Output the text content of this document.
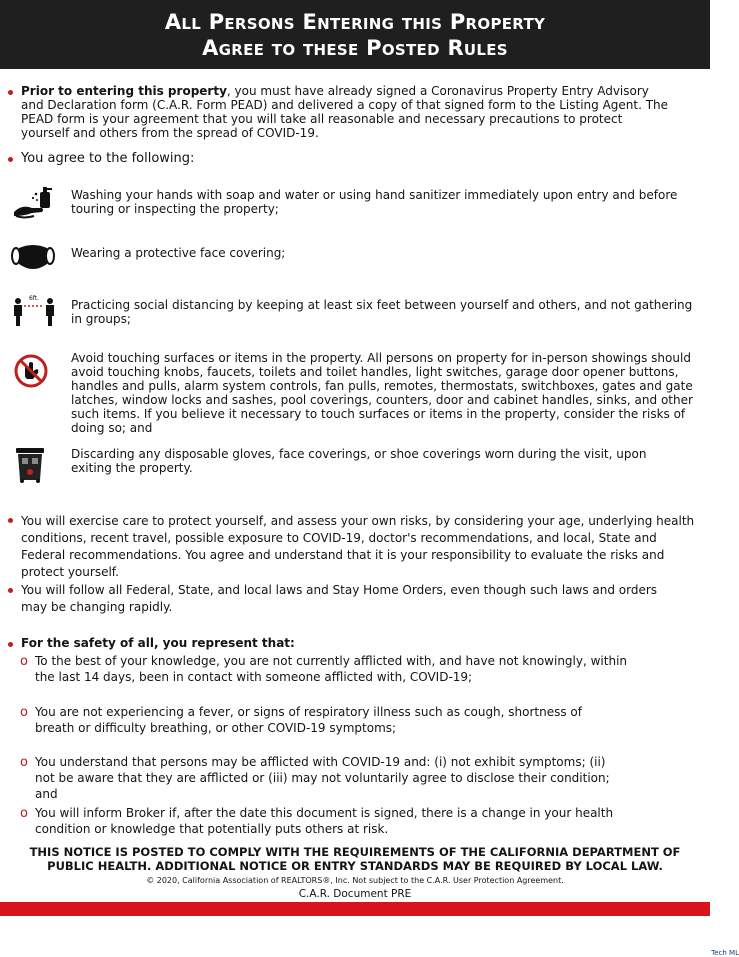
All Persons Entering this Property
Agree to these Posted Rules
Prior to entering this property, you must have already signed a Coronavirus Property Entry Advisory and Declaration form (C.A.R. Form PEAD) and delivered a copy of that signed form to the Listing Agent. The PEAD form is your agreement that you will take all reasonable and necessary precautions to protect yourself and others from the spread of COVID-19.
You agree to the following:
Washing your hands with soap and water or using hand sanitizer immediately upon entry and before touring or inspecting the property;
Wearing a protective face covering;
6ft.	Practicing social distancing by keeping at least six feet between yourself and others, and not gathering in groups;
Avoid touching surfaces or items in the property. All persons on property for in-person showings should avoid touching knobs, faucets, toilets and toilet handles, light switches, garage door opener buttons, handles and pulls, alarm system controls, fan pulls, remotes, thermostats, switchboxes, gates and gate latches, window locks and sashes, pool coverings, counters, door and cabinet handles, sinks, and other such items. If you believe it necessary to touch surfaces or items in the property, consider the risks of doing so; and
Discarding any disposable gloves, face coverings, or shoe coverings worn during the visit, upon exiting the property.
You will exercise care to protect yourself, and assess your own risks, by considering your age, underlying health conditions, recent travel, possible exposure to COVID-19, doctor's recommendations, and local, State and Federal recommendations. You agree and understand that it is your responsibility to evaluate the risks and protect yourself.
You will follow all Federal, State, and local laws and Stay Home Orders, even though such laws and orders may be changing rapidly.
For the safety of all, you represent that:
o To the best of your knowledge, you are not currently afflicted with, and have not knowingly, within the last 14 days, been in contact with someone afflicted with, COVID-19;
o You are not experiencing a fever, or signs of respiratory illness such as cough, shortness of breath or difficulty breathing, or other COVID-19 symptoms;
o You understand that persons may be afflicted with COVID-19 and: (i) not exhibit symptoms; (ii) not be aware that they are afflicted or (iii) may not voluntarily agree to disclose their condition; and
o You will inform Broker if, after the date this document is signed, there is a change in your health condition or knowledge that potentially puts others at risk.
THIS NOTICE IS POSTED TO COMPLY WITH THE REQUIREMENTS OF THE CALIFORNIA DEPARTMENT OF
PUBLIC HEALTH. ADDITIONAL NOTICE OR ENTRY STANDARDS MAY BE REQUIRED BY LOCAL LAW.
© 2020, California Association of REALTORS®, Inc. Not subject to the C.A.R. User Protection Agreement.
C.A.R. Document PRE
Tech ML
